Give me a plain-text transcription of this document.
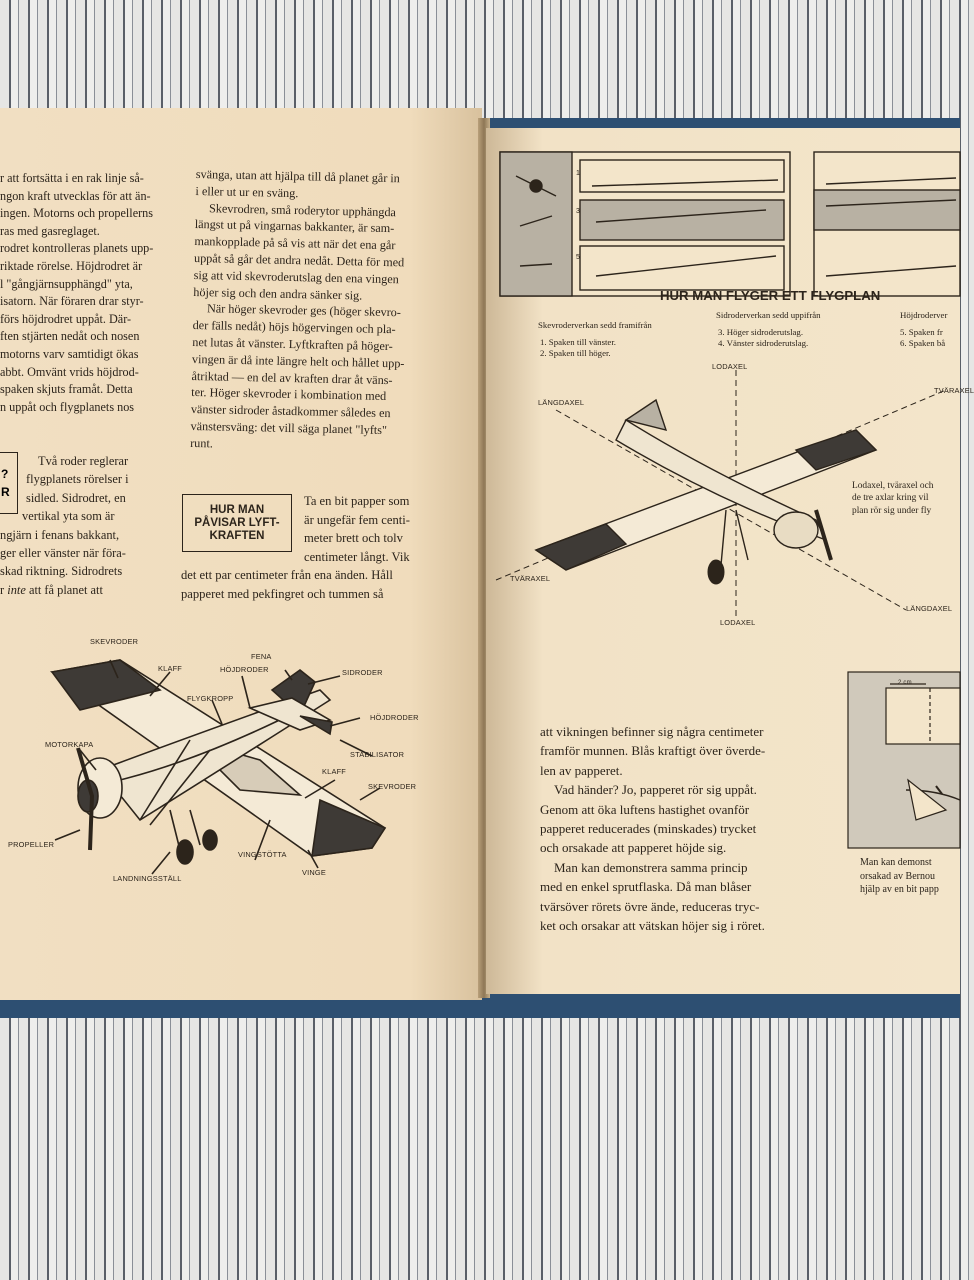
r att fortsätta i en rak linje så-

ngon kraft utvecklas för att än-

ingen. Motorns och propellerns

ras med gasreglaget.

rodret kontrolleras planets upp-

riktade rörelse. Höjdrodret är

l "gångjärnsupphängd" yta,

isatorn. När föraren drar styr-

förs höjdrodret uppåt. Där-

ften stjärten nedåt och nosen

motorns varv samtidigt ökas

abbt. Omvänt vrids höjdrod-

spaken skjuts framåt. Detta

n uppåt och flygplanets nos

svänga, utan att hjälpa till då planet går in

i eller ut ur en sväng.

Skevrodren, små roderytor upphängda

längst ut på vingarnas bakkanter, är sam-

mankopplade på så vis att när det ena går

uppåt så går det andra nedåt. Detta för med

sig att vid skevroderutslag den ena vingen

höjer sig och den andra sänker sig.

När höger skevroder ges (höger skevro-

der fälls nedåt) höjs högervingen och pla-

net lutas åt vänster. Lyftkraften på höger-

vingen är då inte längre helt och hållet upp-

åtriktad — en del av kraften drar åt väns-

ter. Höger skevroder i kombination med

vänster sidroder åstadkommer således en

vänstersväng: det vill säga planet "lyfts"

runt.

?
R

Två roder reglerar

flygplanets rörelser i

sidled. Sidrodret, en

vertikal yta som är

ngjärn i fenans bakkant,

ger eller vänster när föra-

skad riktning. Sidrodrets

r inte att få planet att

HUR MAN
PÅVISAR LYFT-
KRAFTEN

Ta en bit papper som

är ungefär fem centi-

meter brett och tolv

centimeter långt. Vik

det ett par centimeter från ena änden. Håll

papperet med pekfingret och tummen så

SKEVRODER
KLAFF
FENA
HÖJDRODER	SIDRODER
FLYGKROPP
HÖJDRODER
MOTORKAPA
STABILISATOR
KLAFF
SKEVRODER
PROPELLER
VINGSTÖTTA
VINGE
LANDNINGSSTÄLL
1
3
5
HUR MAN FLYGER ETT FLYGPLAN

Skevroderverkan sedd framifrån

1. Spaken till vänster.

2. Spaken till höger.

Sidroderverkan sedd uppifrån

3. Höger sidroderutslag.

4. Vänster sidroderutslag.

Höjdroderver

5. Spaken fr

6. Spaken bå

LODAXEL
LÄNGDAXEL
TVÄRAXEL
TVÄRAXEL
LÄNGDAXEL
LODAXEL

Lodaxel, tväraxel och

de tre axlar kring vil

plan rör sig under fly

2 cm

att vikningen befinner sig några centimeter

framför munnen. Blås kraftigt över överde-

len av papperet.

Vad händer? Jo, papperet rör sig uppåt.

Genom att öka luftens hastighet ovanför

papperet reducerades (minskades) trycket

och orsakade att papperet höjde sig.

Man kan demonstrera samma princip

med en enkel sprutflaska. Då man blåser

tvärsöver rörets övre ände, reduceras tryc-

ket och orsakar att vätskan höjer sig i röret.

Man kan demonst

orsakad av Bernou

hjälp av en bit papp
